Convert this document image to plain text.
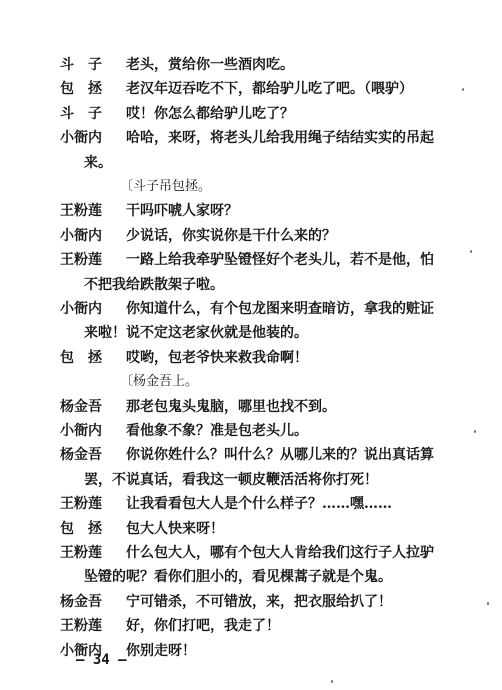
斗　子 老头，赏给你一些酒肉吃。
包　拯 老汉年迈吞吃不下，都给驴儿吃了吧。（喂驴）
斗　子 哎！你怎么都给驴儿吃了？
小衙内 哈哈，来呀，将老头儿给我用绳子结结实实的吊起
来。
〔斗子吊包拯。
王粉莲 干吗吓唬人家呀？
小衙内 少说话，你实说你是干什么来的？
王粉莲 一路上给我牵驴坠镫怪好个老头儿，若不是他，怕
不把我给跌散架子啦。
小衙内 你知道什么，有个包龙图来明查暗访，拿我的赃证
来啦！说不定这老家伙就是他装的。
包　拯 哎哟，包老爷快来救我命啊！
〔杨金吾上。
杨金吾 那老包鬼头鬼脑，哪里也找不到。
小衙内 看他象不象？准是包老头儿。
杨金吾 你说你姓什么？叫什么？从哪儿来的？说出真话算
罢，不说真话，看我这一顿皮鞭活活将你打死！
王粉莲 让我看看包大人是个什么样子？……嘿……
包　拯 包大人快来呀！
王粉莲 什么包大人，哪有个包大人肯给我们这行子人拉驴
坠镫的呢？看你们胆小的，看见棵蒿子就是个鬼。
杨金吾 宁可错杀，不可错放，来，把衣服给扒了！
王粉莲 好，你们打吧，我走了！
小衙内 你别走呀！
— 34 —
